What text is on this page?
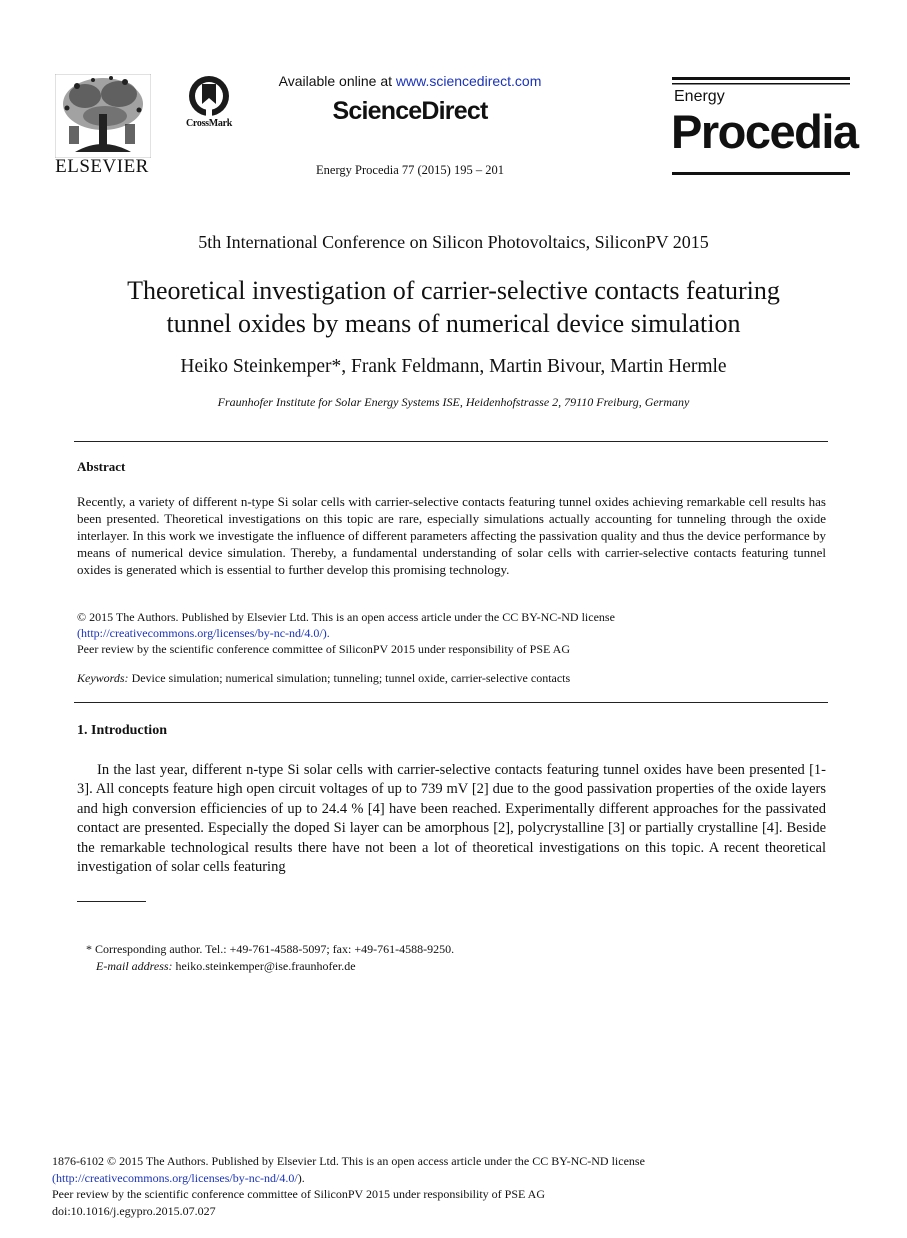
ELSEVIER
CrossMark
Available online at www.sciencedirect.com
ScienceDirect
Energy Procedia 77 (2015) 195 – 201
Energy
Procedia
5th International Conference on Silicon Photovoltaics, SiliconPV 2015
Theoretical investigation of carrier-selective contacts featuring
tunnel oxides by means of numerical device simulation
Heiko Steinkemper*, Frank Feldmann, Martin Bivour, Martin Hermle
Fraunhofer Institute for Solar Energy Systems ISE, Heidenhofstrasse 2, 79110 Freiburg, Germany
Abstract
Recently, a variety of different n-type Si solar cells with carrier-selective contacts featuring tunnel oxides achieving remarkable cell results has been presented. Theoretical investigations on this topic are rare, especially simulations actually accounting for tunneling through the oxide interlayer. In this work we investigate the influence of different parameters affecting the passivation quality and thus the device performance by means of numerical device simulation. Thereby, a fundamental understanding of solar cells with carrier-selective contacts featuring tunnel oxides is generated which is essential to further develop this promising technology.
© 2015 The Authors. Published by Elsevier Ltd. This is an open access article under the CC BY-NC-ND license
(http://creativecommons.org/licenses/by-nc-nd/4.0/).
Peer review by the scientific conference committee of SiliconPV 2015 under responsibility of PSE AG
Keywords: Device simulation; numerical simulation; tunneling; tunnel oxide, carrier-selective contacts
1. Introduction
In the last year, different n-type Si solar cells with carrier-selective contacts featuring tunnel oxides have been presented [1-3]. All concepts feature high open circuit voltages of up to 739 mV [2] due to the good passivation properties of the oxide layers and high conversion efficiencies of up to 24.4 % [4] have been reached. Experimentally different approaches for the passivated contact are presented. Especially the doped Si layer can be amorphous [2], polycrystalline [3] or partially crystalline [4]. Beside the remarkable technological results there have not been a lot of theoretical investigations on this topic. A recent theoretical investigation of solar cells featuring
* Corresponding author. Tel.: +49-761-4588-5097; fax: +49-761-4588-9250.
E-mail address: heiko.steinkemper@ise.fraunhofer.de
1876-6102 © 2015 The Authors. Published by Elsevier Ltd. This is an open access article under the CC BY-NC-ND license
(http://creativecommons.org/licenses/by-nc-nd/4.0/).
Peer review by the scientific conference committee of SiliconPV 2015 under responsibility of PSE AG
doi:10.1016/j.egypro.2015.07.027
